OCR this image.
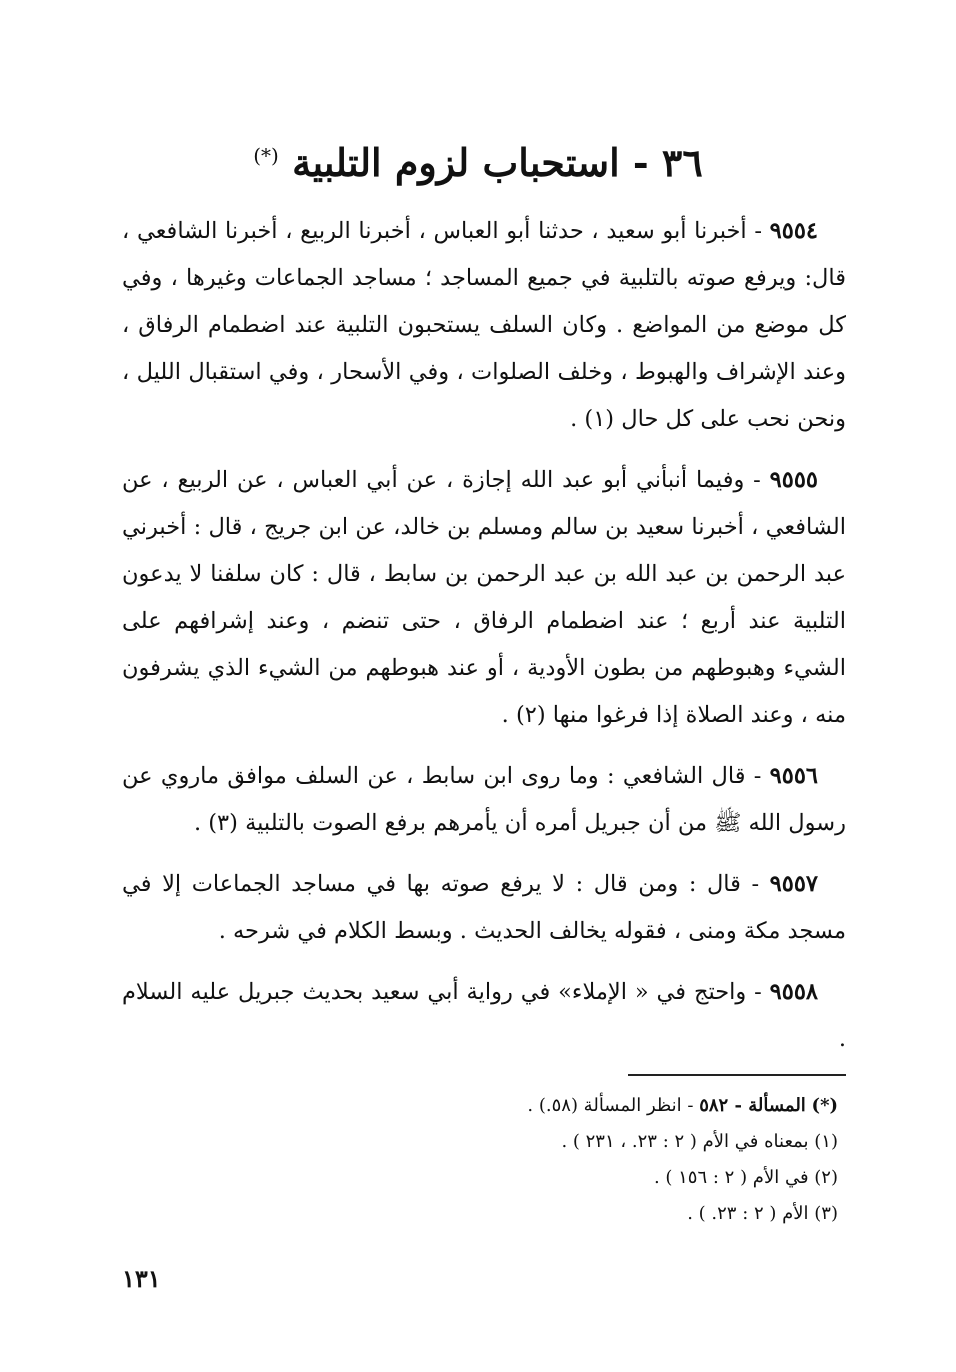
٣٦ - استحباب لزوم التلبية (*)

٩٥٥٤ - أخبرنا أبو سعيد ، حدثنا أبو العباس ، أخبرنا الربيع ، أخبرنا الشافعي ، قال: ويرفع صوته بالتلبية في جميع المساجد ؛ مساجد الجماعات وغيرها ، وفي كل موضع من المواضع . وكان السلف يستحبون التلبية عند اضطمام الرفاق ، وعند الإشراف والهبوط ، وخلف الصلوات ، وفي الأسحار ، وفي استقبال الليل ، ونحن نحب على كل حال (١) .

٩٥٥٥ - وفيما أنبأني أبو عبد الله إجازة ، عن أبي العباس ، عن الربيع ، عن الشافعي ، أخبرنا سعيد بن سالم ومسلم بن خالد، عن ابن جريج ، قال : أخبرني عبد الرحمن بن عبد الله بن عبد الرحمن بن سابط ، قال : كان سلفنا لا يدعون التلبية عند أربع ؛ عند اضطمام الرفاق ، حتى تنضم ، وعند إشرافهم على الشيء وهبوطهم من بطون الأودية ، أو عند هبوطهم من الشيء الذي يشرفون منه ، وعند الصلاة إذا فرغوا منها (٢) .

٩٥٥٦ - قال الشافعي : وما روى ابن سابط ، عن السلف موافق ماروي عن رسول الله ﷺ من أن جبريل أمره أن يأمرهم برفع الصوت بالتلبية (٣) .

٩٥٥٧ - قال : ومن قال : لا يرفع صوته بها في مساجد الجماعات إلا في مسجد مكة ومنى ، فقوله يخالف الحديث . وبسط الكلام في شرحه .

٩٥٥٨ - واحتج في « الإملاء» في رواية أبي سعيد بحديث جبريل عليه السلام .

(*) المسألة - ٥٨٢ - انظر المسألة (٥٨.) .
(١) بمعناه في الأم ( ٢ : ٢٣. ، ٢٣١ ) .
(٢) في الأم ( ٢ : ١٥٦ ) .
(٣) الأم ( ٢ : ٢٣. ) .
١٣١
